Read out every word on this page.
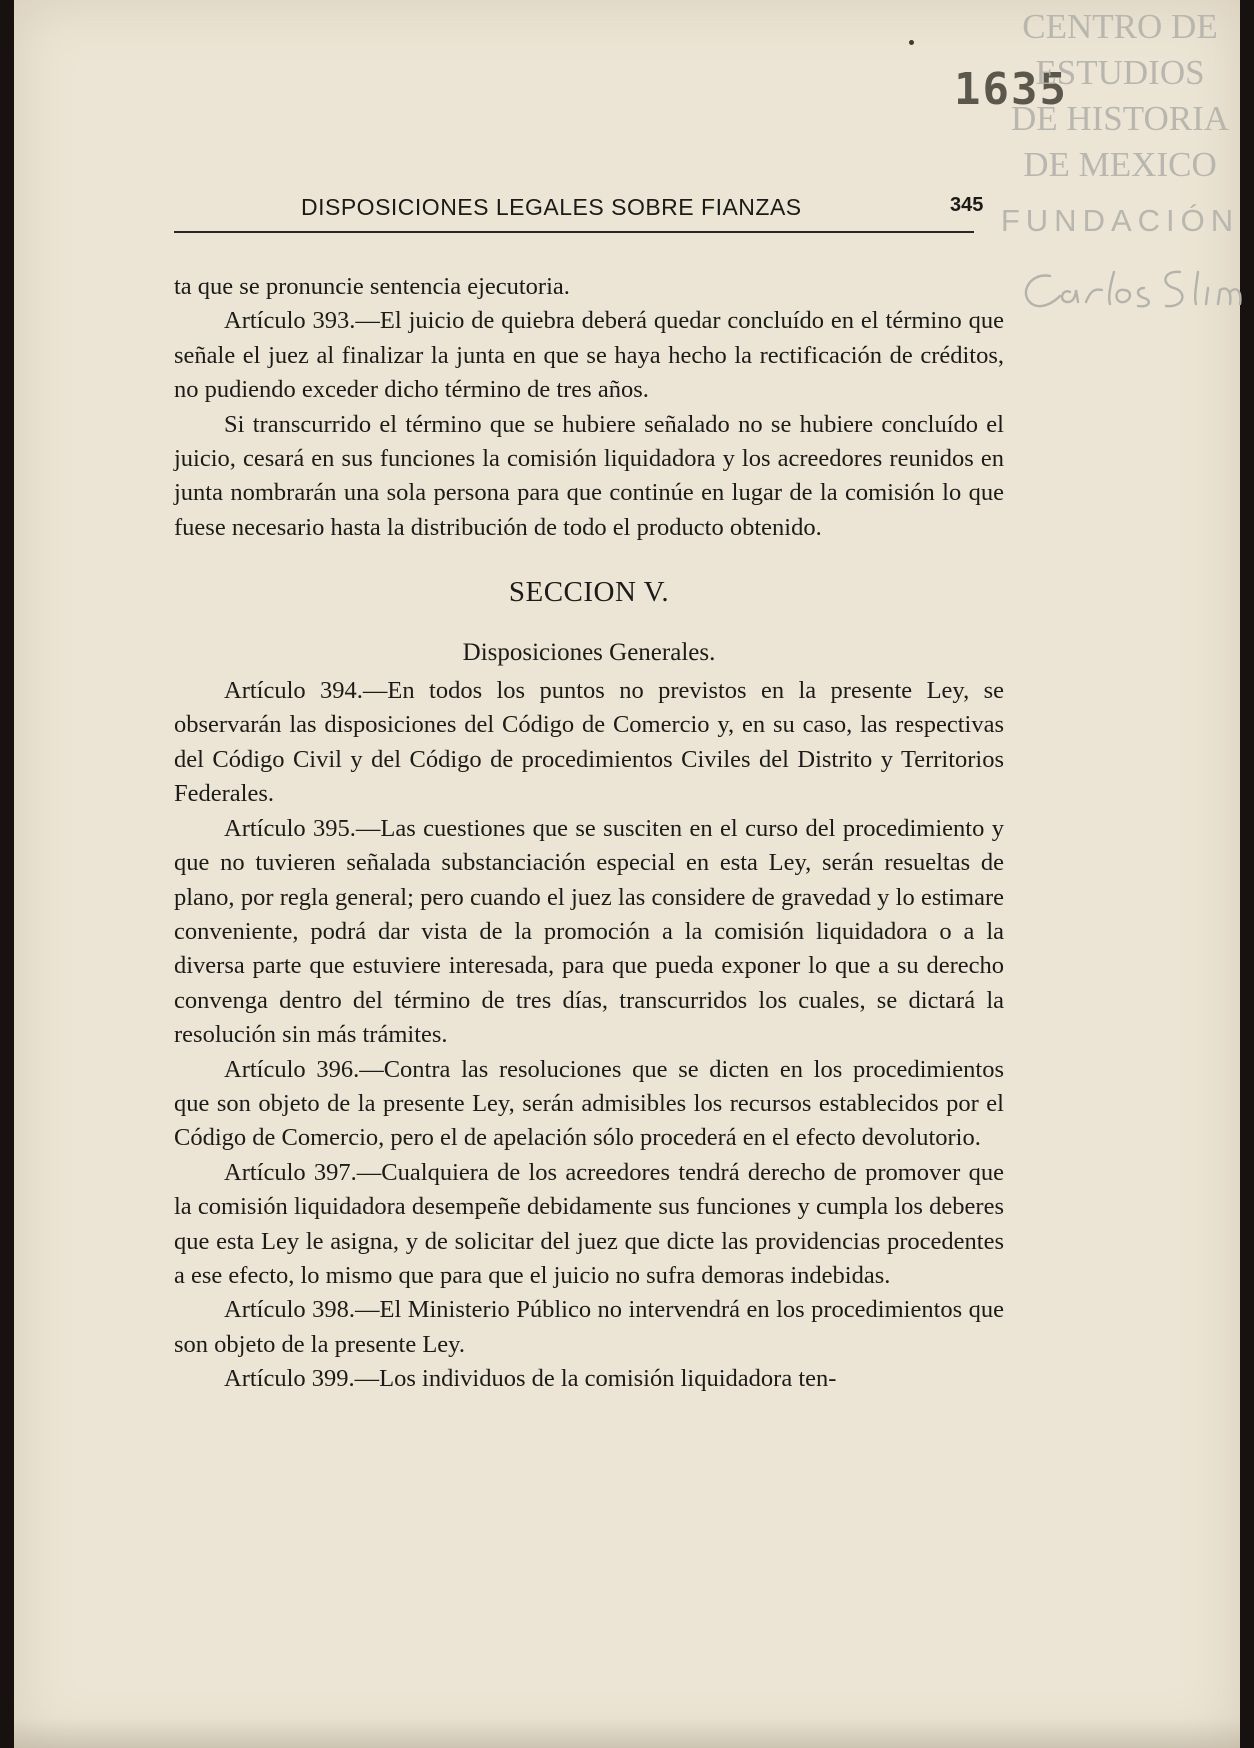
1635
DISPOSICIONES LEGALES SOBRE FIANZAS	345

ta que se pronuncie sentencia ejecutoria.

Artículo 393.—El juicio de quiebra deberá quedar concluído en el término que señale el juez al finalizar la junta en que se haya hecho la rectificación de créditos, no pudiendo exceder dicho término de tres años.

Si transcurrido el término que se hubiere señalado no se hubiere concluído el juicio, cesará en sus funciones la comisión liquidadora y los acreedores reunidos en junta nombrarán una sola persona para que continúe en lugar de la comisión lo que fuese necesario hasta la distribución de todo el producto obtenido.

SECCION V.
Disposiciones Generales.

Artículo 394.—En todos los puntos no previstos en la presente Ley, se observarán las disposiciones del Código de Comercio y, en su caso, las respectivas del Código Civil y del Código de procedimientos Civiles del Distrito y Territorios Federales.

Artículo 395.—Las cuestiones que se susciten en el curso del procedimiento y que no tuvieren señalada substanciación especial en esta Ley, serán resueltas de plano, por regla general; pero cuando el juez las considere de gravedad y lo estimare conveniente, podrá dar vista de la promoción a la comisión liquidadora o a la diversa parte que estuviere interesada, para que pueda exponer lo que a su derecho convenga dentro del término de tres días, transcurridos los cuales, se dictará la resolución sin más trámites.

Artículo 396.—Contra las resoluciones que se dicten en los procedimientos que son objeto de la presente Ley, serán admisibles los recursos establecidos por el Código de Comercio, pero el de apelación sólo procederá en el efecto devolutorio.

Artículo 397.—Cualquiera de los acreedores tendrá derecho de promover que la comisión liquidadora desempeñe debidamente sus funciones y cumpla los deberes que esta Ley le asigna, y de solicitar del juez que dicte las providencias procedentes a ese efecto, lo mismo que para que el juicio no sufra demoras indebidas.

Artículo 398.—El Ministerio Público no intervendrá en los procedimientos que son objeto de la presente Ley.

Artículo 399.—Los individuos de la comisión liquidadora ten-

CENTRO DE
ESTUDIOS
DE HISTORIA
DE MEXICO
FUNDACIÓN
